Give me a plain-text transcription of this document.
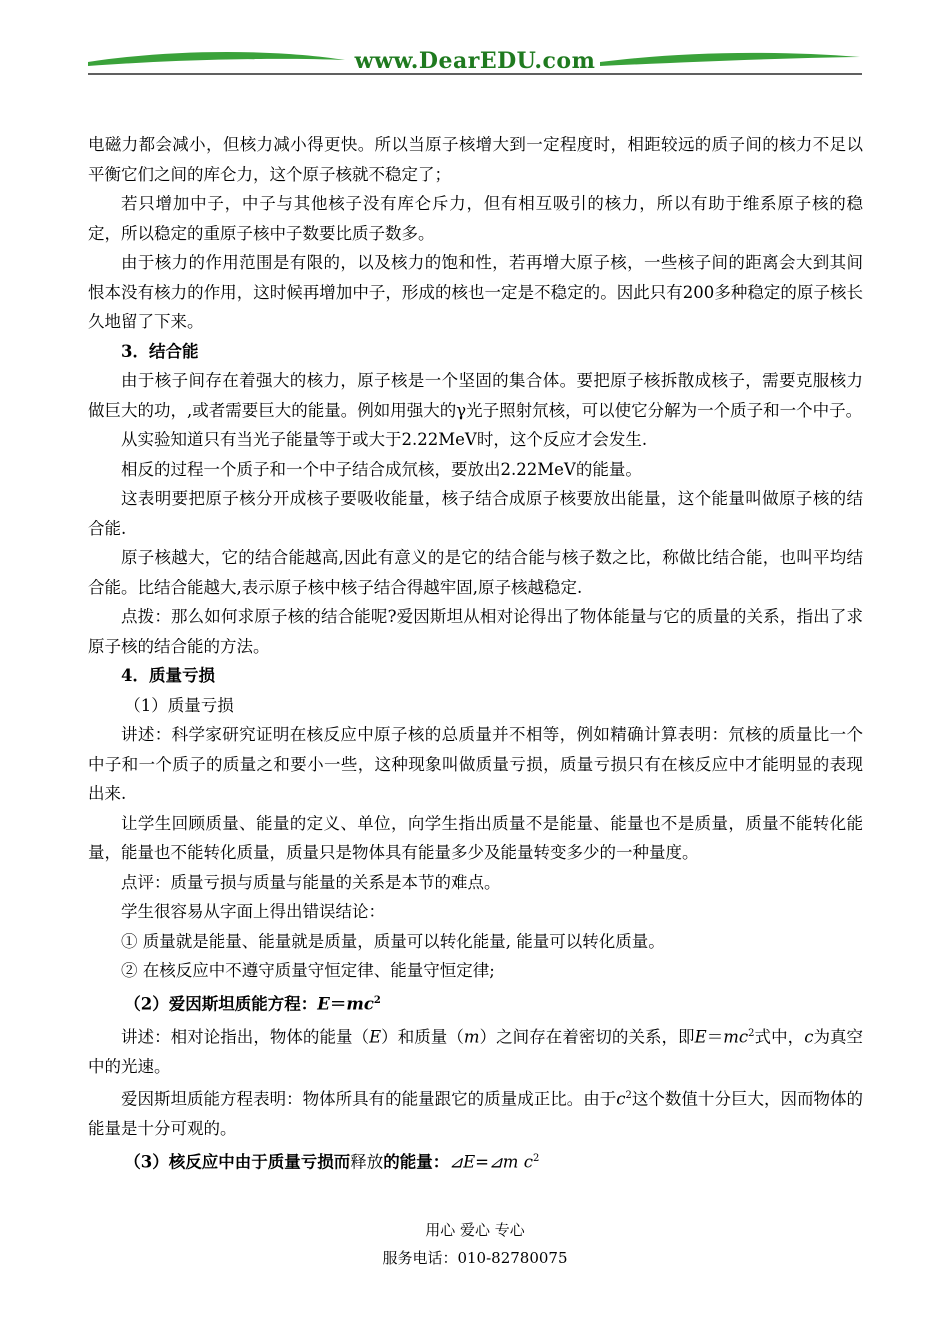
www.DearEDU.com

电磁力都会减小，但核力减小得更快。所以当原子核增大到一定程度时，相距较远的质子间的核力不足以平衡它们之间的库仑力，这个原子核就不稳定了；

若只增加中子，中子与其他核子没有库仑斥力，但有相互吸引的核力，所以有助于维系原子核的稳定，所以稳定的重原子核中子数要比质子数多。

由于核力的作用范围是有限的，以及核力的饱和性，若再增大原子核，一些核子间的距离会大到其间恨本没有核力的作用，这时候再增加中子，形成的核也一定是不稳定的。因此只有200多种稳定的原子核长久地留了下来。

3．结合能

由于核子间存在着强大的核力，原子核是一个坚固的集合体。要把原子核拆散成核子，需要克服核力做巨大的功，,或者需要巨大的能量。例如用强大的γ光子照射氘核，可以使它分解为一个质子和一个中子。

从实验知道只有当光子能量等于或大于2.22MeV时，这个反应才会发生.

相反的过程一个质子和一个中子结合成氘核，要放出2.22MeV的能量。

这表明要把原子核分开成核子要吸收能量，核子结合成原子核要放出能量，这个能量叫做原子核的结合能.

原子核越大，它的结合能越高,因此有意义的是它的结合能与核子数之比，称做比结合能，也叫平均结合能。比结合能越大,表示原子核中核子结合得越牢固,原子核越稳定.

点拨：那么如何求原子核的结合能呢?爱因斯坦从相对论得出了物体能量与它的质量的关系，指出了求原子核的结合能的方法。

4．质量亏损

（1）质量亏损

讲述：科学家研究证明在核反应中原子核的总质量并不相等，例如精确计算表明：氘核的质量比一个中子和一个质子的质量之和要小一些，这种现象叫做质量亏损，质量亏损只有在核反应中才能明显的表现出来.

让学生回顾质量、能量的定义、单位，向学生指出质量不是能量、能量也不是质量，质量不能转化能量，能量也不能转化质量，质量只是物体具有能量多少及能量转变多少的一种量度。

点评：质量亏损与质量与能量的关系是本节的难点。

学生很容易从字面上得出错误结论：

① 质量就是能量、能量就是质量，质量可以转化能量, 能量可以转化质量。

② 在核反应中不遵守质量守恒定律、能量守恒定律;

（2）爱因斯坦质能方程：$E=mc^2$

讲述：相对论指出，物体的能量（E）和质量（m）之间存在着密切的关系，即$E=mc^2$式中，c为真空中的光速。

爱因斯坦质能方程表明：物体所具有的能量跟它的质量成正比。由于$c^2$这个数值十分巨大，因而物体的能量是十分可观的。

（3）核反应中由于质量亏损而释放的能量：⊿E=⊿m $c^2$

用心 爱心 专心
服务电话：010-82780075
